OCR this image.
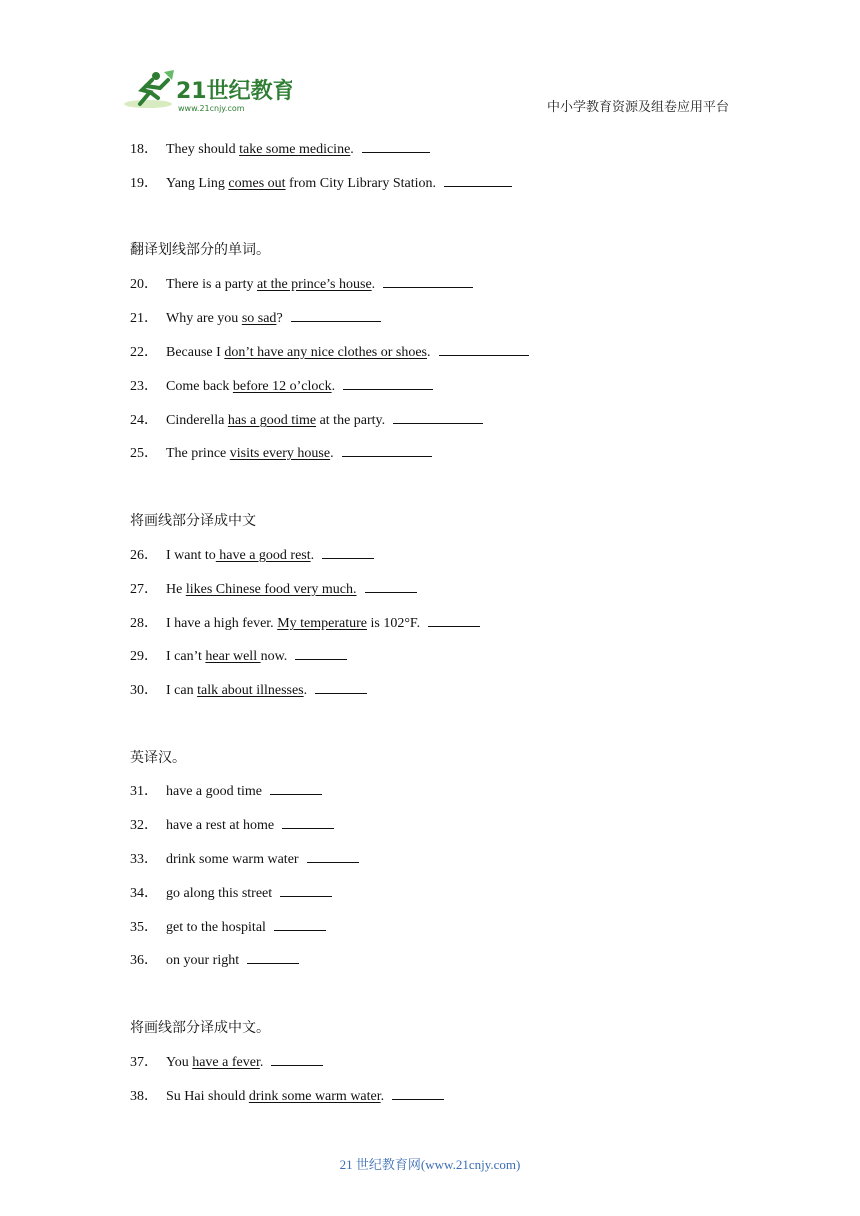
21世纪教育
www.21cnjy.com	中小学教育资源及组卷应用平台
18． They should take some medicine.
19． Yang Ling comes out from City Library Station.
翻译划线部分的单词。
20． There is a party at the prince’s house.
21． Why are you so sad?
22． Because I don’t have any nice clothes or shoes.
23． Come back before 12 o’clock.
24． Cinderella has a good time at the party.
25． The prince visits every house.
将画线部分译成中文
26． I want to have a good rest.
27． He likes Chinese food very much.
28． I have a high fever. My temperature is 102°F.
29． I can’t hear well now.
30． I can talk about illnesses.
英译汉。
31． have a good time
32． have a rest at home
33． drink some warm water
34． go along this street
35． get to the hospital
36． on your right
将画线部分译成中文。
37． You have a fever.
38． Su Hai should drink some warm water.
21 世纪教育网(www.21cnjy.com)
